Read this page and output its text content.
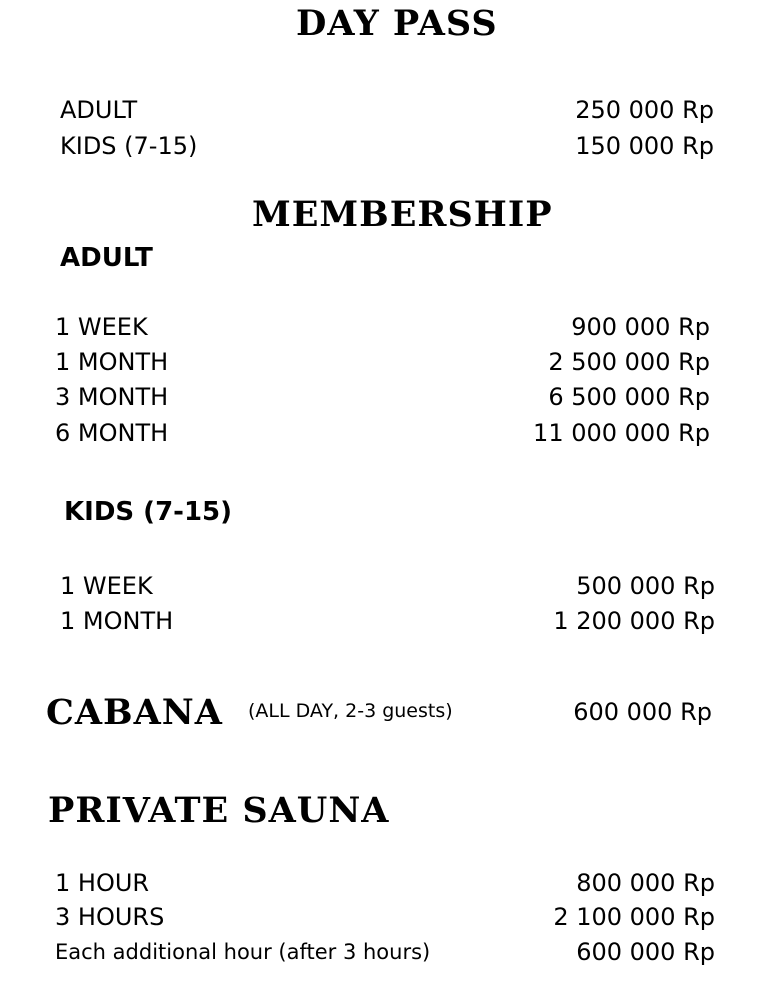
DAY PASS
ADULT	250 000 Rp
KIDS (7-15)	150 000 Rp
MEMBERSHIP
ADULT
1 WEEK	900 000 Rp
1 MONTH	2 500 000 Rp
3 MONTH	6 500 000 Rp
6 MONTH	11 000 000 Rp
KIDS (7-15)
1 WEEK	500 000 Rp
1 MONTH	1 200 000 Rp
CABANA (ALL DAY, 2-3 guests)	600 000 Rp
PRIVATE SAUNA
1 HOUR	800 000 Rp
3 HOURS	2 100 000 Rp
Each additional hour (after 3 hours)	600 000 Rp
